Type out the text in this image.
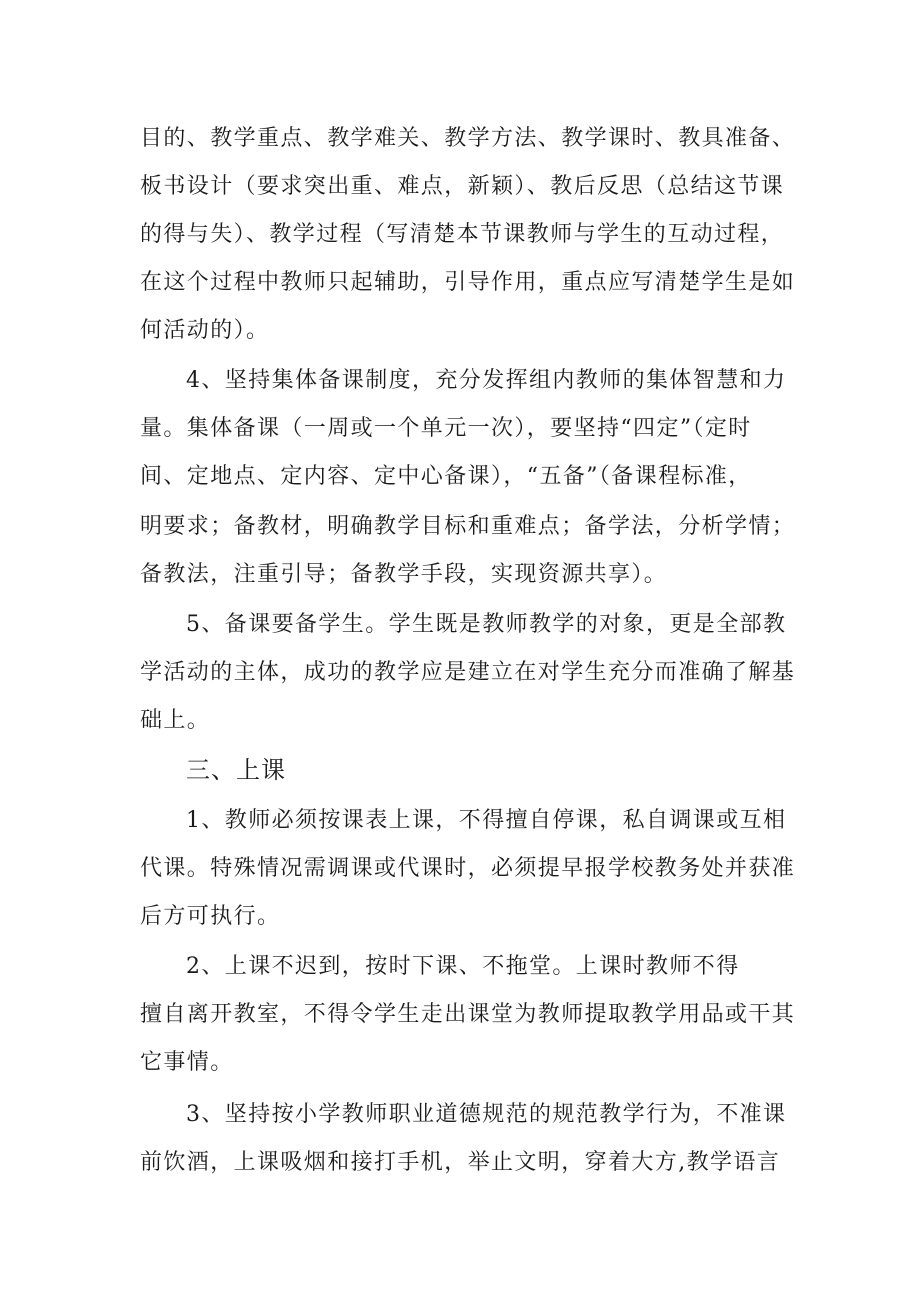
目的、教学重点、教学难关、教学方法、教学课时、教具准备、
板书设计（要求突出重、难点，新颖）、教后反思（总结这节课
的得与失）、教学过程（写清楚本节课教师与学生的互动过程，
在这个过程中教师只起辅助，引导作用，重点应写清楚学生是如
何活动的）。
4、坚持集体备课制度，充分发挥组内教师的集体智慧和力
量。集体备课（一周或一个单元一次），要坚持“四定”（定时
间、定地点、定内容、定中心备课），“五备”（备课程标准，
明要求；备教材，明确教学目标和重难点；备学法，分析学情；
备教法，注重引导；备教学手段，实现资源共享）。
5、备课要备学生。学生既是教师教学的对象，更是全部教
学活动的主体，成功的教学应是建立在对学生充分而准确了解基
础上。
三、上课
1、教师必须按课表上课，不得擅自停课，私自调课或互相
代课。特殊情况需调课或代课时，必须提早报学校教务处并获准
后方可执行。
2、上课不迟到，按时下课、不拖堂。上课时教师不得
擅自离开教室，不得令学生走出课堂为教师提取教学用品或干其
它事情。
3、坚持按小学教师职业道德规范的规范教学行为，不准课
前饮酒，上课吸烟和接打手机，举止文明，穿着大方,教学语言
